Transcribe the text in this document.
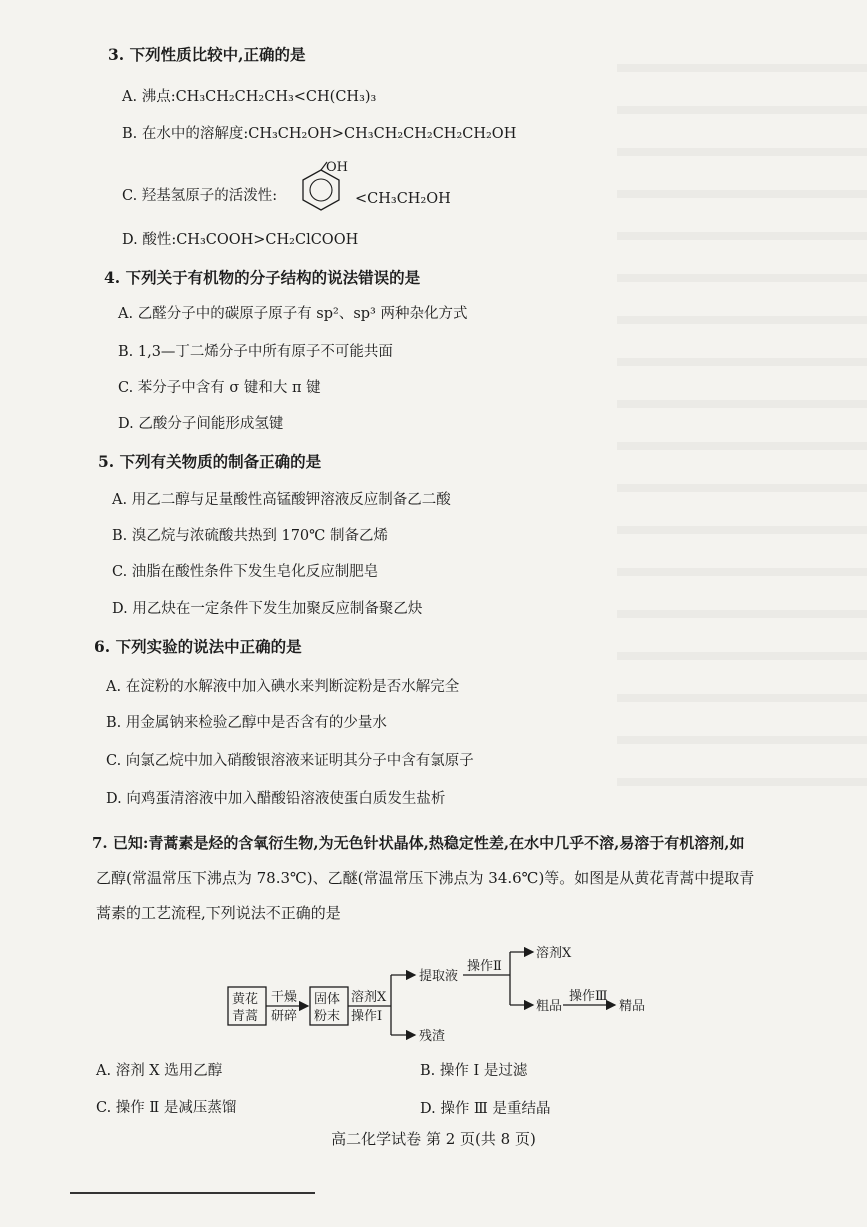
3. 下列性质比较中,正确的是
A. 沸点:CH₃CH₂CH₂CH₃<CH(CH₃)₃
B. 在水中的溶解度:CH₃CH₂OH>CH₃CH₂CH₂CH₂CH₂OH
C. 羟基氢原子的活泼性:
OH
<CH₃CH₂OH
D. 酸性:CH₃COOH>CH₂ClCOOH
4. 下列关于有机物的分子结构的说法错误的是
A. 乙醛分子中的碳原子原子有 sp²、sp³ 两种杂化方式
B. 1,3—丁二烯分子中所有原子不可能共面
C. 苯分子中含有 σ 键和大 π 键
D. 乙酸分子间能形成氢键
5. 下列有关物质的制备正确的是
A. 用乙二醇与足量酸性高锰酸钾溶液反应制备乙二酸
B. 溴乙烷与浓硫酸共热到 170℃ 制备乙烯
C. 油脂在酸性条件下发生皂化反应制肥皂
D. 用乙炔在一定条件下发生加聚反应制备聚乙炔
6. 下列实验的说法中正确的是
A. 在淀粉的水解液中加入碘水来判断淀粉是否水解完全
B. 用金属钠来检验乙醇中是否含有的少量水
C. 向氯乙烷中加入硝酸银溶液来证明其分子中含有氯原子
D. 向鸡蛋清溶液中加入醋酸铅溶液使蛋白质发生盐析
7. 已知:青蒿素是烃的含氧衍生物,为无色针状晶体,热稳定性差,在水中几乎不溶,易溶于有机溶剂,如
乙醇(常温常压下沸点为 78.3℃)、乙醚(常温常压下沸点为 34.6℃)等。如图是从黄花青蒿中提取青
蒿素的工艺流程,下列说法不正确的是
黄花
青蒿
干燥
研碎
固体
粉末
溶剂X
操作Ⅰ
提取液
残渣
操作Ⅱ
溶剂X
粗品
操作Ⅲ
精品
A. 溶剂 X 选用乙醇	B. 操作 Ⅰ 是过滤
C. 操作 Ⅱ 是减压蒸馏	D. 操作 Ⅲ 是重结晶
高二化学试卷 第 2 页(共 8 页)
